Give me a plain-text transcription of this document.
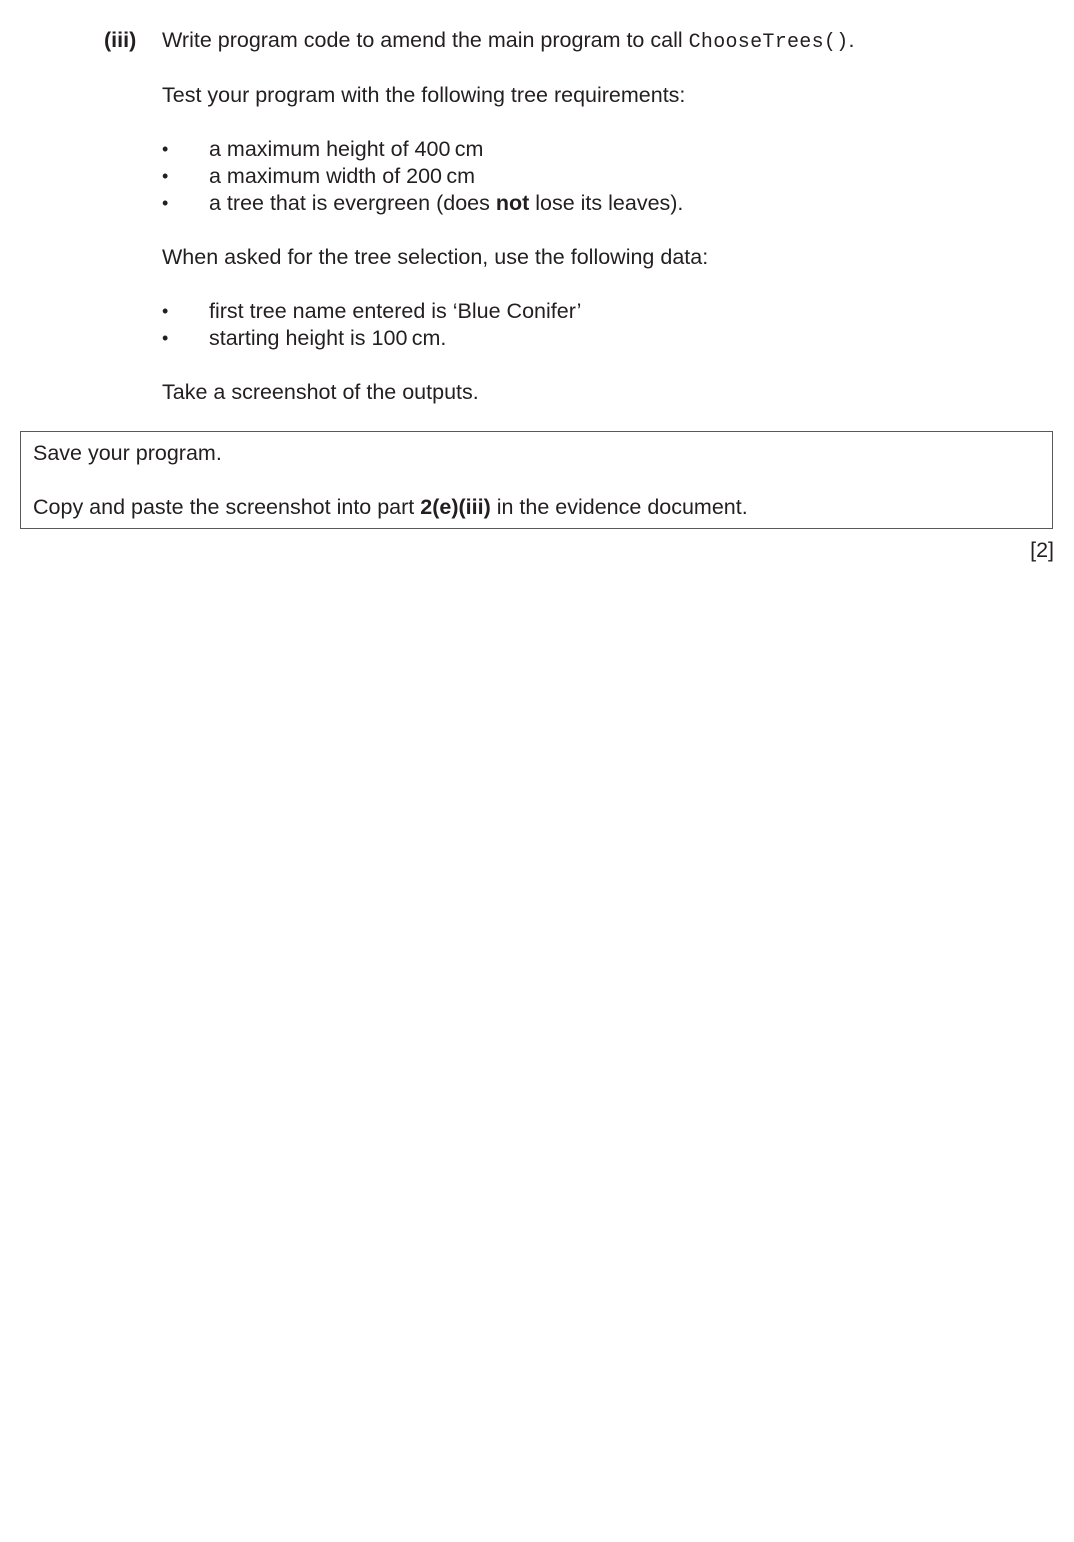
(iii) Write program code to amend the main program to call ChooseTrees().
Test your program with the following tree requirements:
• a maximum height of 400 cm
• a maximum width of 200 cm
• a tree that is evergreen (does not lose its leaves).
When asked for the tree selection, use the following data:
• first tree name entered is ‘Blue Conifer’
• starting height is 100 cm.
Take a screenshot of the outputs.
Save your program.
Copy and paste the screenshot into part 2(e)(iii) in the evidence document.
[2]
